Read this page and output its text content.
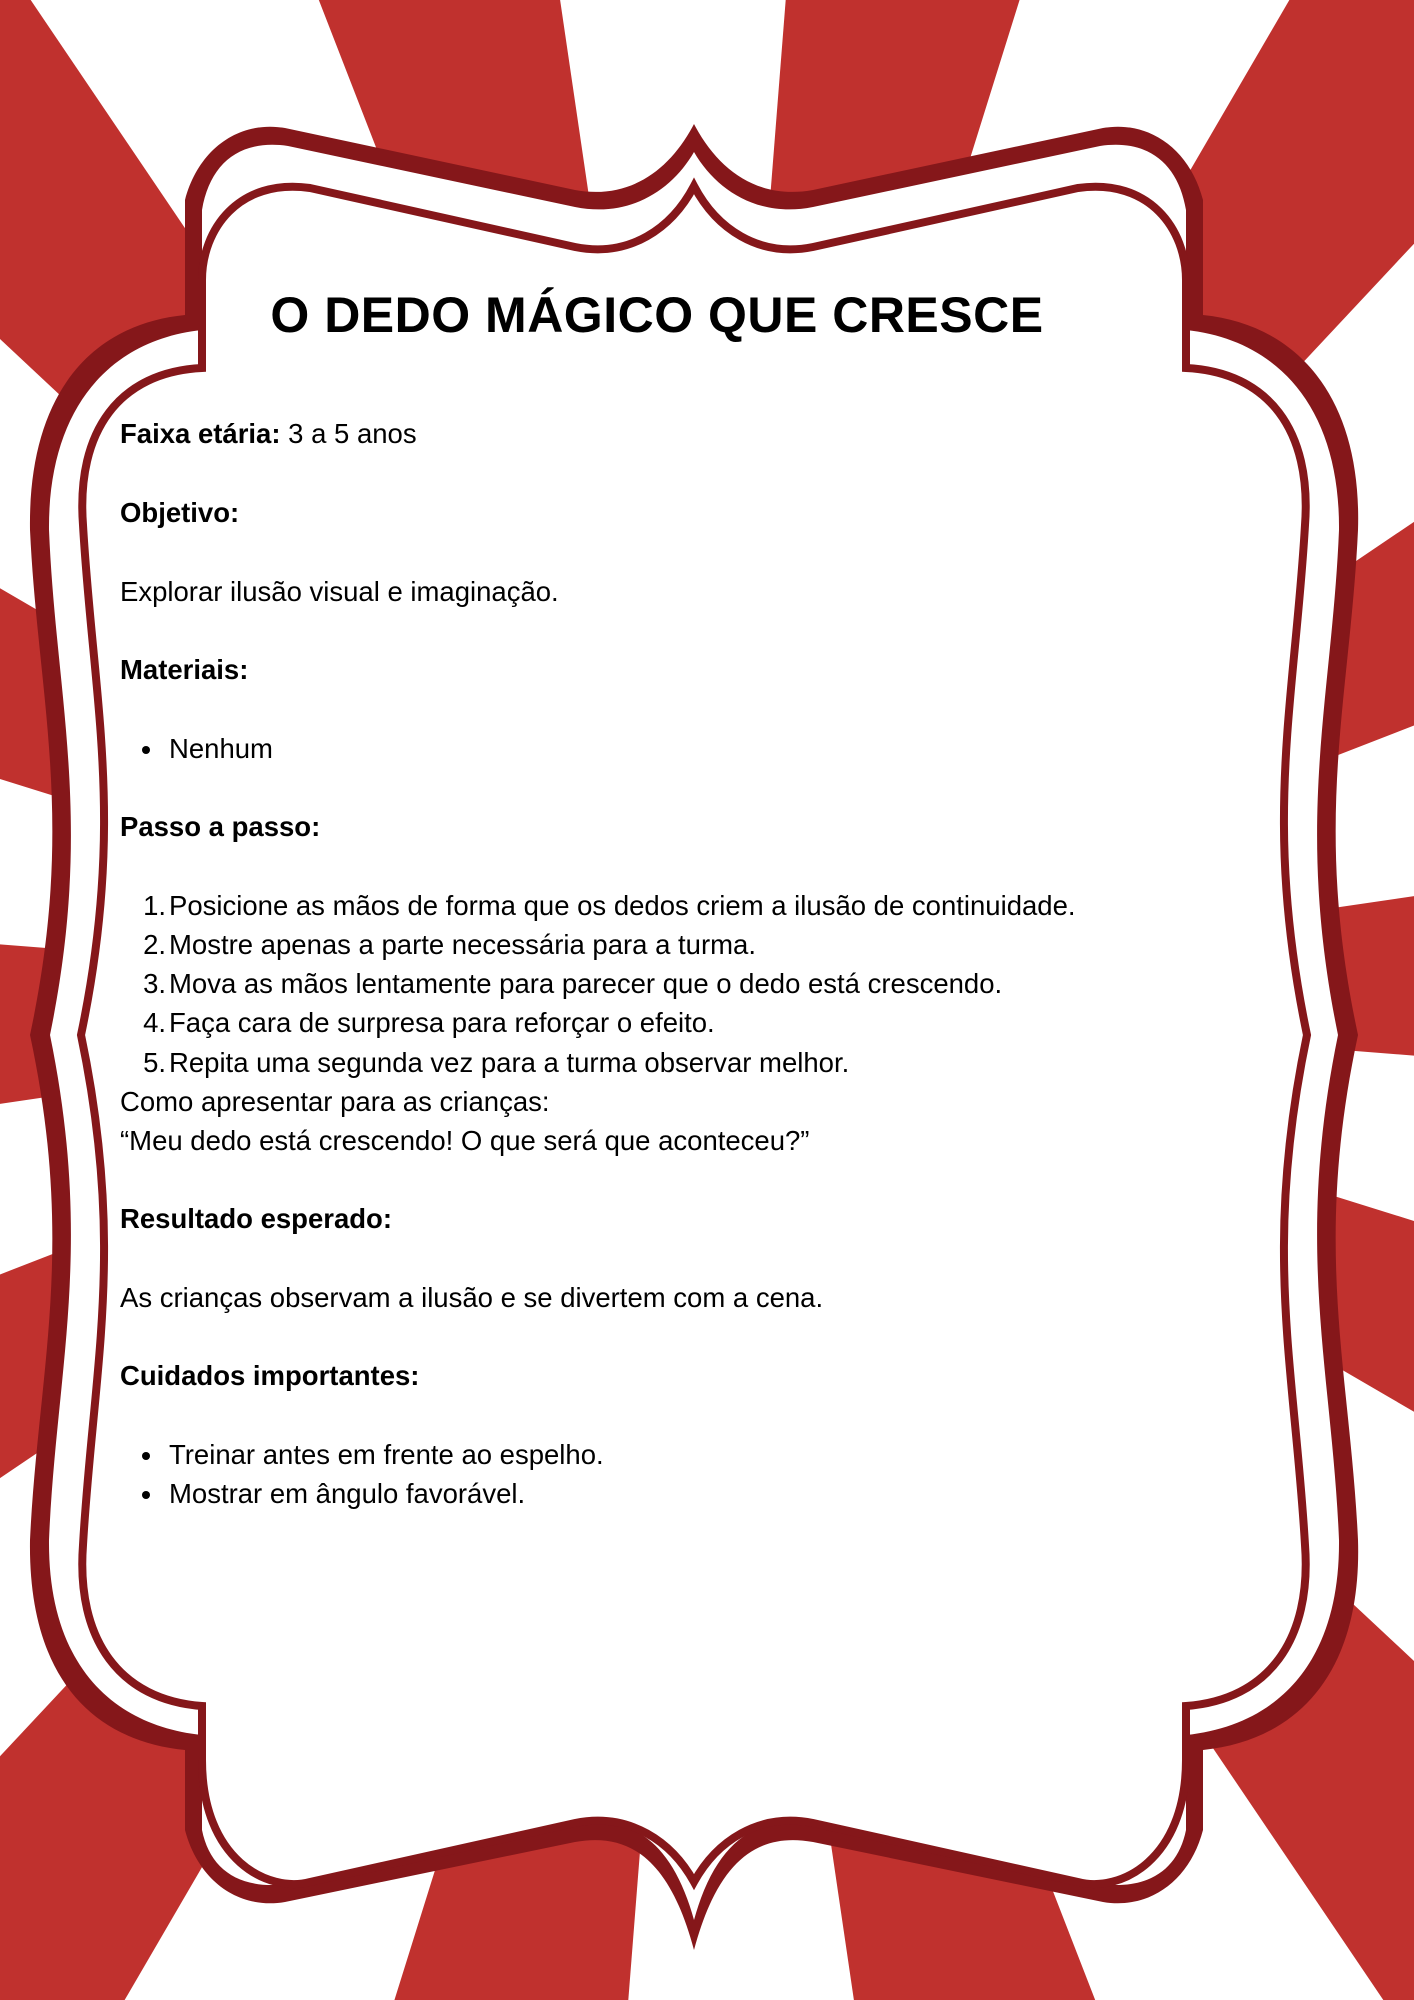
O DEDO MÁGICO QUE CRESCE

Faixa etária: 3 a 5 anos

Objetivo:

Explorar ilusão visual e imaginação.

Materiais:

Nenhum

Passo a passo:

1. Posicione as mãos de forma que os dedos criem a ilusão de continuidade.
2. Mostre apenas a parte necessária para a turma.
3. Mova as mãos lentamente para parecer que o dedo está crescendo.
4. Faça cara de surpresa para reforçar o efeito.
5. Repita uma segunda vez para a turma observar melhor.

Como apresentar para as crianças:

“Meu dedo está crescendo! O que será que aconteceu?”

Resultado esperado:

As crianças observam a ilusão e se divertem com a cena.

Cuidados importantes:

Treinar antes em frente ao espelho.
Mostrar em ângulo favorável.
